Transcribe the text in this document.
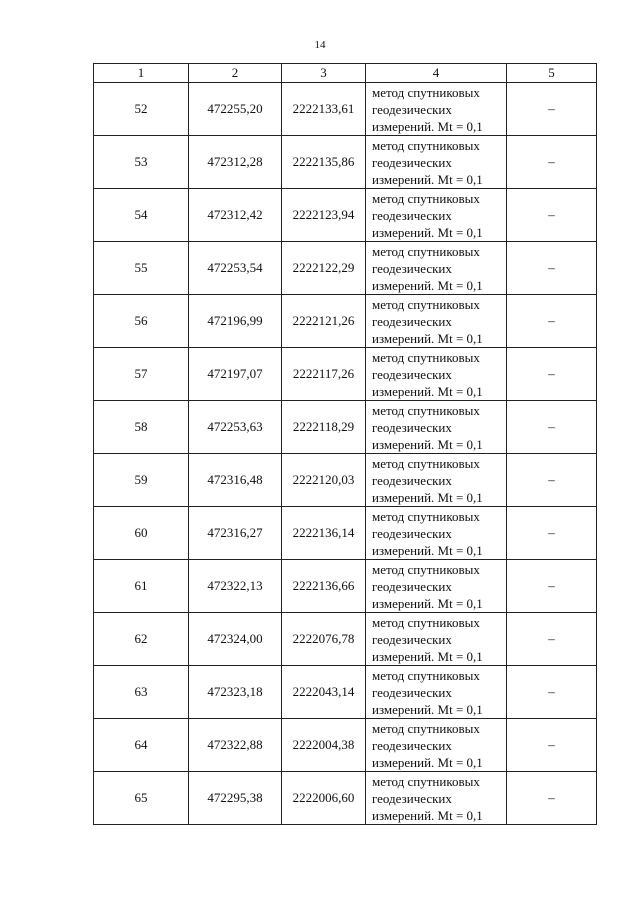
14
1	2	3	4	5
52	472255,20	2222133,61	метод спутниковых
геодезических
измерений. Mt = 0,1	–
53	472312,28	2222135,86	метод спутниковых
геодезических
измерений. Mt = 0,1	–
54	472312,42	2222123,94	метод спутниковых
геодезических
измерений. Mt = 0,1	–
55	472253,54	2222122,29	метод спутниковых
геодезических
измерений. Mt = 0,1	–
56	472196,99	2222121,26	метод спутниковых
геодезических
измерений. Mt = 0,1	–
57	472197,07	2222117,26	метод спутниковых
геодезических
измерений. Mt = 0,1	–
58	472253,63	2222118,29	метод спутниковых
геодезических
измерений. Mt = 0,1	–
59	472316,48	2222120,03	метод спутниковых
геодезических
измерений. Mt = 0,1	–
60	472316,27	2222136,14	метод спутниковых
геодезических
измерений. Mt = 0,1	–
61	472322,13	2222136,66	метод спутниковых
геодезических
измерений. Mt = 0,1	–
62	472324,00	2222076,78	метод спутниковых
геодезических
измерений. Mt = 0,1	–
63	472323,18	2222043,14	метод спутниковых
геодезических
измерений. Mt = 0,1	–
64	472322,88	2222004,38	метод спутниковых
геодезических
измерений. Mt = 0,1	–
65	472295,38	2222006,60	метод спутниковых
геодезических
измерений. Mt = 0,1	–
